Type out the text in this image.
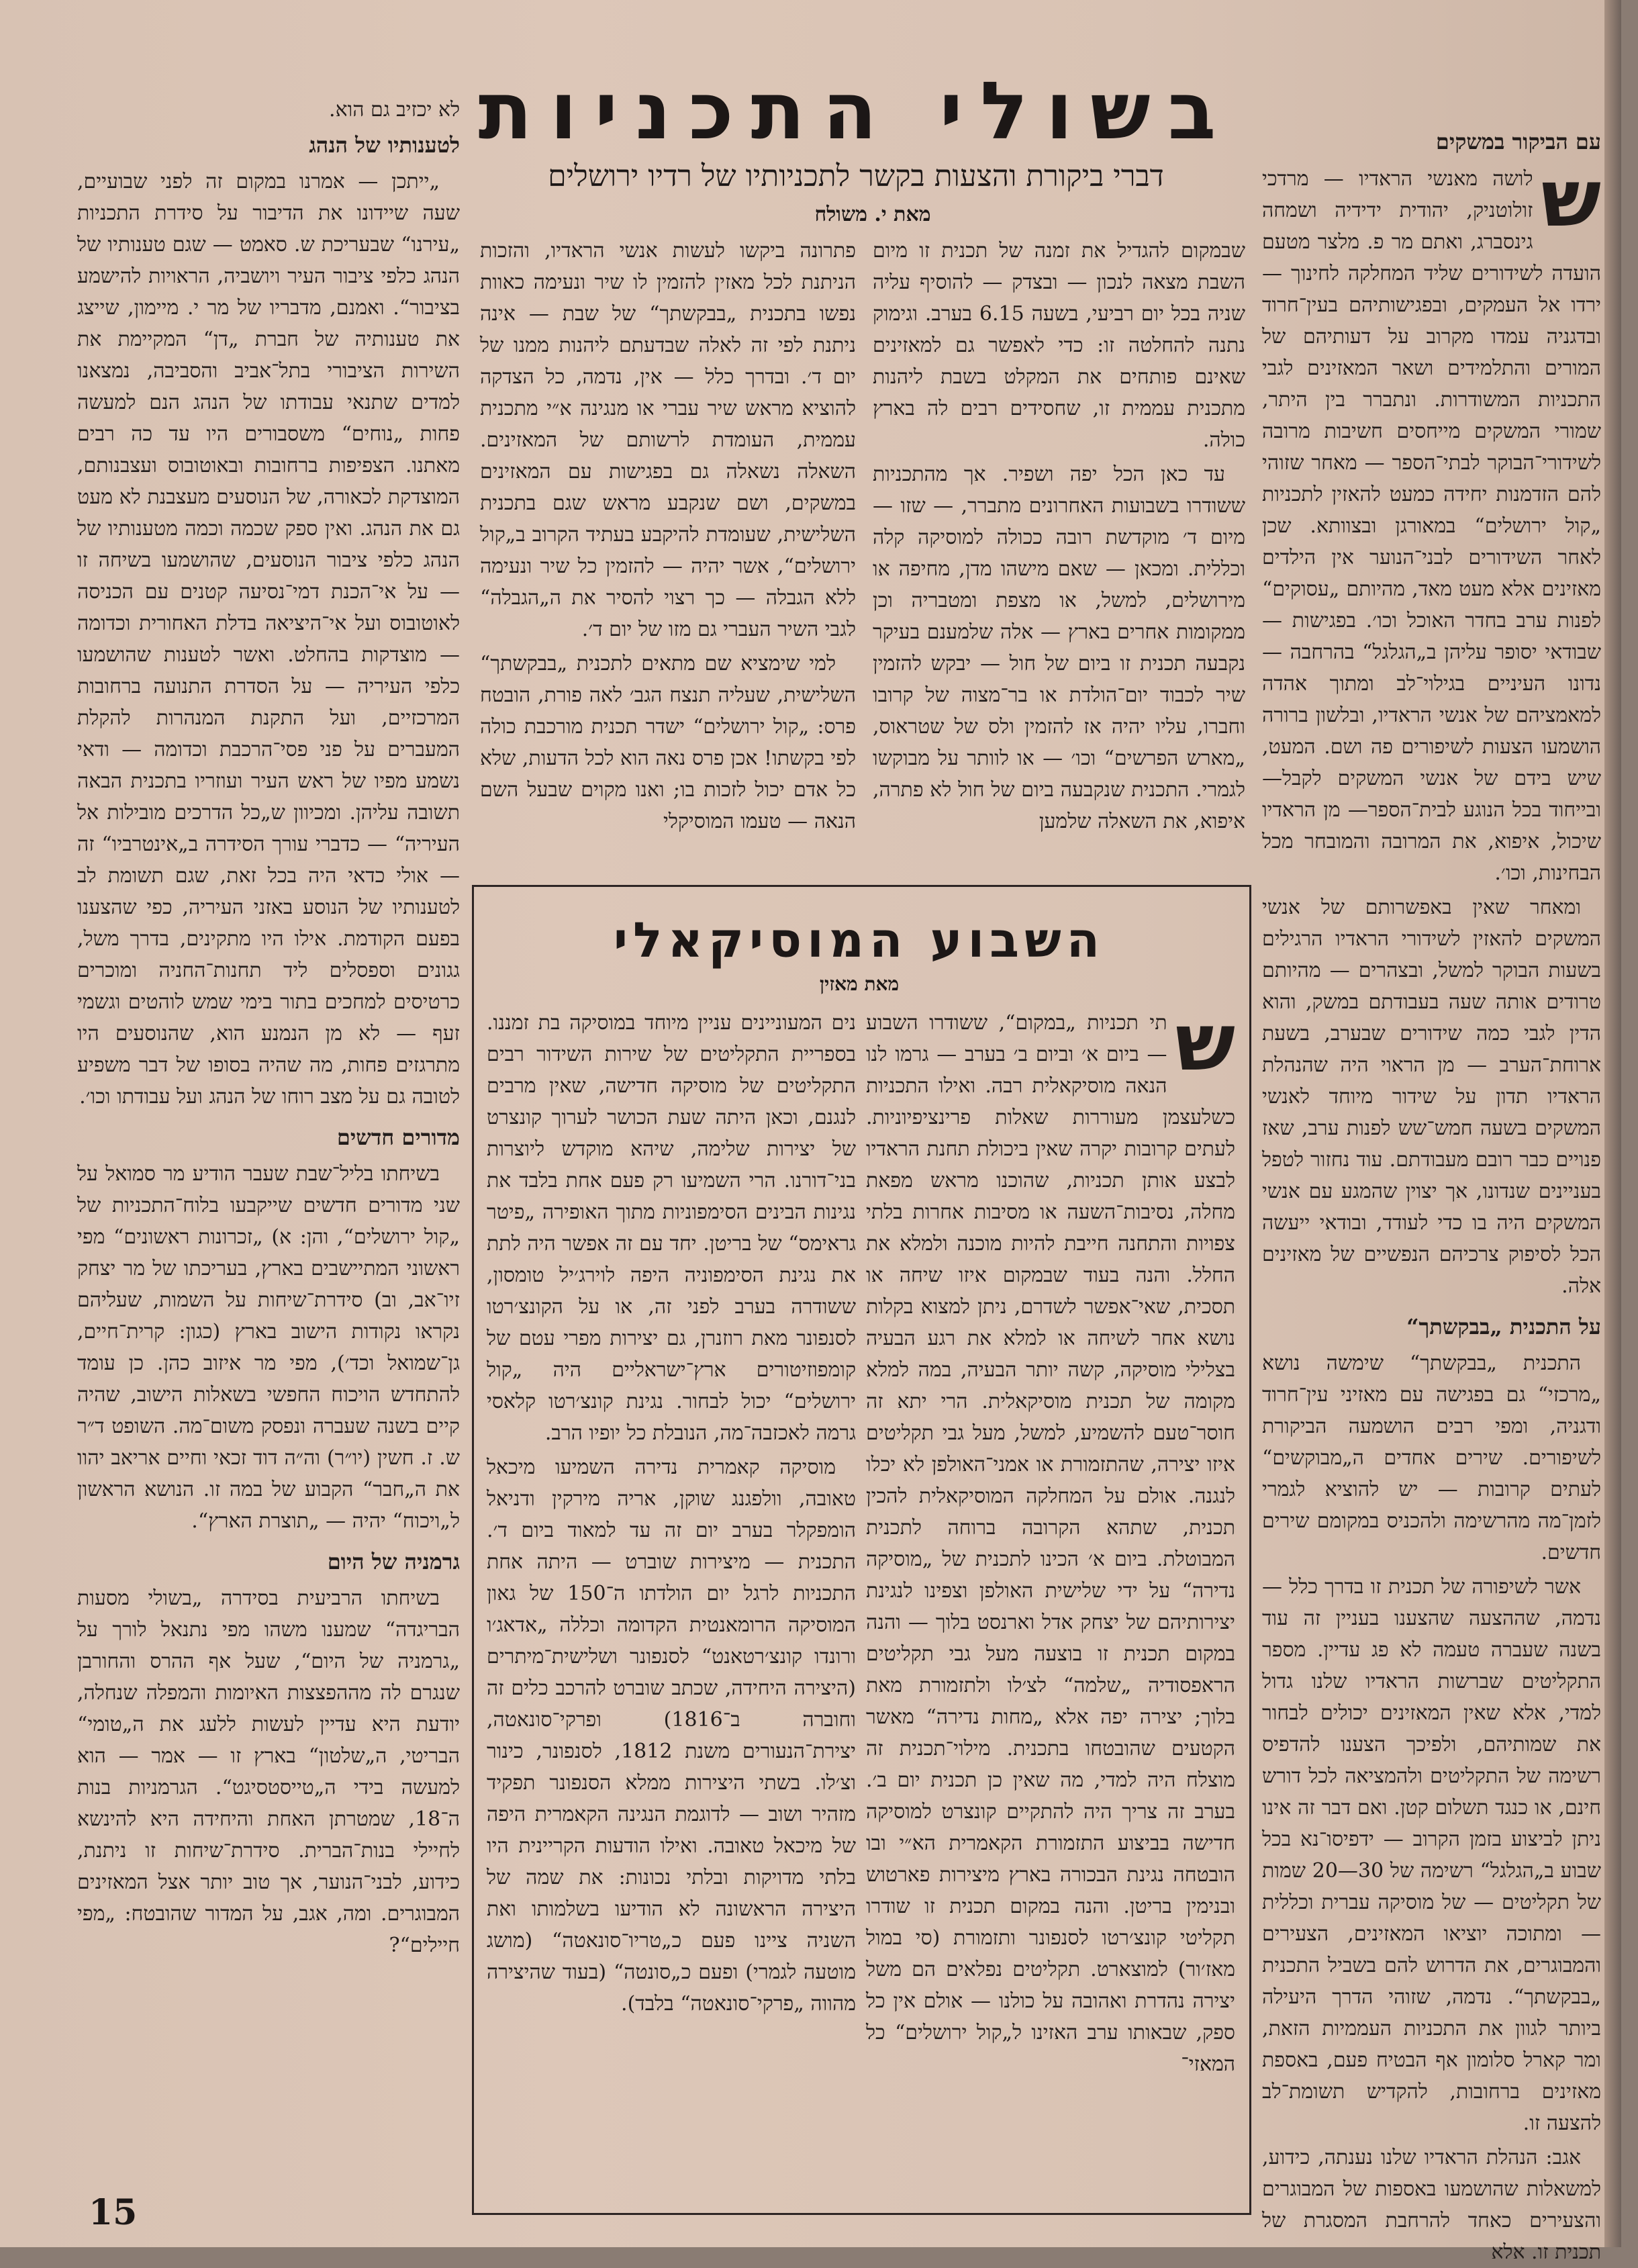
בשולי התכניות
דברי ביקורת והצעות בקשר לתכניותיו של רדיו ירושלים
מאת י. משולח
עם הביקור במשקים
ש

לושה מאנשי הראדיו — מרדכי זולוטניק, יהודית ידידיה ושמחה גינסברג, ואתם מר פ. מלצר מטעם הועדה לשידורים שליד המחלקה לחינוך — ירדו אל העמקים, ובפגישותיהם בעין־חרוד ובדגניה עמדו מקרוב על דעותיהם של המורים והתלמידים ושאר המאזינים לגבי התכניות המשודרות. ונתברר בין היתר, שמורי המשקים מייחסים חשיבות מרובה לשידורי־הבוקר לבתי־הספר — מאחר שזוהי להם הזדמנות יחידה כמעט להאזין לתכניות „קול ירושלים“ במאורגן ובצוותא. שכן לאחר השידורים לבני־הנוער אין הילדים מאזינים אלא מעט מאד, מהיותם „עסוקים“ לפנות ערב בחדר האוכל וכו׳. בפגישות — שבודאי יסופר עליהן ב„הגלגל“ בהרחבה — נדונו העיניים בגילוי־לב ומתוך אהדה למאמציהם של אנשי הראדיו, ובלשון ברורה הושמעו הצעות לשיפורים פה ושם. המעט, שיש בידם של אנשי המשקים לקבל—ובייחוד בכל הנוגע לבית־הספר— מן הראדיו שיכול, איפוא, את המרובה והמובחר מכל הבחינות, וכו׳.

ומאחר שאין באפשרותם של אנשי המשקים להאזין לשידורי הראדיו הרגילים בשעות הבוקר למשל, ובצהרים — מהיותם טרודים אותה שעה בעבודתם במשק, והוא הדין לגבי כמה שידורים שבערב, בשעת ארוחת־הערב — מן הראוי היה שהנהלת הראדיו תדון על שידור מיוחד לאנשי המשקים בשעה חמש־שש לפנות ערב, שאז פנויים כבר רובם מעבודתם. עוד נחזור לטפל בעניינים שנדונו, אך יצוין שהמגע עם אנשי המשקים היה בו כדי לעודד, ובודאי ייעשה הכל לסיפוק צרכיהם הנפשיים של מאזינים אלה.

על התכנית „בבקשתך“

התכנית „בבקשתך“ שימשה נושא „מרכזי“ גם בפגישה עם מאזיני עין־חרוד ודגניה, ומפי רבים הושמעה הביקורת לשיפורים. שירים אחדים ה„מבוקשים“ לעתים קרובות — יש להוציא לגמרי לזמן־מה מהרשימה ולהכניס במקומם שירים חדשים.

אשר לשיפורה של תכנית זו בדרך כלל — נדמה, שההצעה שהצענו בעניין זה עוד בשנה שעברה טעמה לא פג עדיין. מספר התקליטים שברשות הראדיו שלנו גדול למדי, אלא שאין המאזינים יכולים לבחור את שמותיהם, ולפיכך הצענו להדפיס רשימה של התקליטים ולהמציאה לכל דורש חינם, או כנגד תשלום קטן. ואם דבר זה אינו ניתן לביצוע בזמן הקרוב — ידפיסו־נא בכל שבוע ב„הגלגל“ רשימה של 30—20 שמות של תקליטים — של מוסיקה עברית וכללית — ומתוכה יוציאו המאזינים, הצעירים והמבוגרים, את הדרוש להם בשביל התכנית „בבקשתך“. נדמה, שזוהי הדרך היעילה ביותר לגוון את התכניות העממיות הזאת, ומר קארל סלומון אף הבטיח פעם, באספת מאזינים ברחובות, להקדיש תשומת־לב להצעה זו.

אגב: הנהלת הראדיו שלנו נענתה, כידוע, למשאלות שהושמעו באספות של המבוגרים והצעירים כאחד להרחבת המסגרת של תכנית זו. אלא

שבמקום להגדיל את זמנה של תכנית זו מיום השבת מצאה לנכון — ובצדק — להוסיף עליה שניה בכל יום רביעי, בשעה 6.15 בערב. וגימוק נתנה להחלטה זו: כדי לאפשר גם למאזינים שאינם פותחים את המקלט בשבת ליהנות מתכנית עממית זו, שחסידים רבים לה בארץ כולה.

עד כאן הכל יפה ושפיר. אך מהתכניות ששודרו בשבועות האחרונים מתברר, — שזו — מיום ד׳ מוקדשת רובה ככולה למוסיקה קלה וכללית. ומכאן — שאם מישהו מדן, מחיפה או מירושלים, למשל, או מצפת ומטבריה וכן ממקומות אחרים בארץ — אלה שלמענם בעיקר נקבעה תכנית זו ביום של חול — יבקש להזמין שיר לכבוד יום־הולדת או בר־מצוה של קרובו וחברו, עליו יהיה אז להזמין ולס של שטראוס, „מארש הפרשים“ וכו׳ — או לוותר על מבוקשו לגמרי. התכנית שנקבעה ביום של חול לא פתרה, איפוא, את השאלה שלמען

פתרונה ביקשו לעשות אנשי הראדיו, והזכות הניתנת לכל מאזין להזמין לו שיר ונעימה כאוות נפשו בתכנית „בבקשתך“ של שבת — אינה ניתנת לפי זה לאלה שבדעתם ליהנות ממנו של יום ד׳. ובדרך כלל — אין, נדמה, כל הצדקה להוציא מראש שיר עברי או מנגינה א״י מתכנית עממית, העומדת לרשותם של המאזינים. השאלה נשאלה גם בפגישות עם המאזינים במשקים, ושם שנקבע מראש שגם בתכנית השלישית, שעומדת להיקבע בעתיד הקרוב ב„קול ירושלים“, אשר יהיה — להזמין כל שיר ונעימה ללא הגבלה — כך רצוי להסיר את ה„הגבלה“ לגבי השיר העברי גם מזו של יום ד׳.

למי שימציא שם מתאים לתכנית „בבקשתך“ השלישית, שעליה תנצח הגב׳ לאה פורת, הובטח פרס: „קול ירושלים“ ישדר תכנית מורכבת כולה לפי בקשתו! אכן פרס נאה הוא לכל הדעות, שלא כל אדם יכול לזכות בו; ואנו מקוים שבעל השם הנאה — טעמו המוסיקלי

לא יכזיב גם הוא.

לטענותיו של הנהג

„ייתכן — אמרנו במקום זה לפני שבועיים, שעה שיידונו את הדיבור על סידרת התכניות „עירנו“ שבעריכת ש. סאמט — שגם טענותיו של הנהג כלפי ציבור העיר ויושביה, הראויות להישמע בציבור“. ואמנם, מדבריו של מר י. מיימון, שייצג את טענותיה של חברת „דן“ המקיימת את השירות הציבורי בתל־אביב והסביבה, נמצאנו למדים שתנאי עבודתו של הנהג הנם למעשה פחות „נוחים“ משסבורים היו עד כה רבים מאתנו. הצפיפות ברחובות ובאוטובוס ועצבנותם, המוצדקת לכאורה, של הנוסעים מעצבנת לא מעט גם את הנהג. ואין ספק שכמה וכמה מטענותיו של הנהג כלפי ציבור הנוסעים, שהושמעו בשיחה זו — על אי־הכנת דמי־נסיעה קטנים עם הכניסה לאוטובוס ועל אי־היציאה בדלת האחורית וכדומה — מוצדקות בהחלט. ואשר לטענות שהושמעו כלפי העיריה — על הסדרת התנועה ברחובות המרכזיים, ועל התקנת המנהרות להקלת המעברים על פני פסי־הרכבת וכדומה — ודאי נשמע מפיו של ראש העיר ועוזריו בתכנית הבאה תשובה עליהן. ומכיוון ש„כל הדרכים מובילות אל העיריה“ — כדברי עורך הסידרה ב„אינטרביו“ זה — אולי כדאי היה בכל זאת, שגם תשומת לב לטענותיו של הנוסע באזני העיריה, כפי שהצענו בפעם הקודמת. אילו היו מתקינים, בדרך משל, גגונים וספסלים ליד תחנות־החניה ומוכרים כרטיסים למחכים בתור בימי שמש לוהטים וגשמי זעף — לא מן הנמנע הוא, שהנוסעים היו מתרגזים פחות, מה שהיה בסופו של דבר משפיע לטובה גם על מצב רוחו של הנהג ועל עבודתו וכו׳.

מדורים חדשים

בשיחתו בליל־שבת שעבר הודיע מר סמואל על שני מדורים חדשים שייקבעו בלוח־התכניות של „קול ירושלים“, והן: א) „זכרונות ראשונים“ מפי ראשוני המתיישבים בארץ, בעריכתו של מר יצחק זיו־אב, וב) סידרת־שיחות על השמות, שעליהם נקראו נקודות הישוב בארץ (כגון: קרית־חיים, גן־שמואל וכד׳), מפי מר איזוב כהן. כן עומד להתחדש הויכוח החפשי בשאלות הישוב, שהיה קיים בשנה שעברה ונפסק משום־מה. השופט ד״ר ש. ז. חשין (יו״ר) וה״ה דוד זכאי וחיים אריאב יהוו את ה„חבר“ הקבוע של במה זו. הנושא הראשון ל„ויכוח“ יהיה — „תוצרת הארץ“.

גרמניה של היום

בשיחתו הרביעית בסידרה „בשולי מסעות הבריגדה“ שמענו משהו מפי נתנאל לורך על „גרמניה של היום“, שעל אף ההרס והחורבן שנגרם לה מההפצצות האיומות והמפלה שנחלה, יודעת היא עדיין לעשות ללעג את ה„טומי“ הבריטי, ה„שלטון“ בארץ זו — אמר — הוא למעשה בידי ה„טייסטסיגט“. הגרמניות בנות ה־18, שמטרתן האחת והיחידה היא להינשא לחיילי בנות־הברית. סידרת־שיחות זו ניתנת, כידוע, לבני־הנוער, אך טוב יותר אצל המאזינים המבוגרים. ומה, אגב, על המדור שהובטח: „מפי חיילים“?

השבוע המוסיקאלי
מאת מאזין
ש

תי תכניות „במקום“, ששודרו השבוע — ביום א׳ וביום ב׳ בערב — גרמו לנו הנאה מוסיקאלית רבה. ואילו התכניות כשלעצמן מעוררות שאלות פרינציפיוניות. לעתים קרובות יקרה שאין ביכולת תחנת הראדיו לבצע אותן תכניות, שהוכנו מראש מפאת מחלה, נסיבות־השעה או מסיבות אחרות בלתי צפויות והתחנה חייבת להיות מוכנה ולמלא את החלל. והנה בעוד שבמקום איזו שיחה או תסכית, שאי־אפשר לשדרם, ניתן למצוא בקלות נושא אחר לשיחה או למלא את רגע הבעיה בצלילי מוסיקה, קשה יותר הבעיה, במה למלא מקומה של תכנית מוסיקאלית. הרי יתא זה חוסר־טעם להשמיע, למשל, מעל גבי תקליטים איזו יצירה, שהתזמורת או אמני־האולפן לא יכלו לנגנה. אולם על המחלקה המוסיקאלית להכין תכנית, שתהא הקרובה ברוחה לתכנית המבוטלת. ביום א׳ הכינו לתכנית של „מוסיקה נדירה“ על ידי שלישית האולפן וצפינו לנגינת יצירותיהם של יצחק אדל וארנסט בלוך — והנה במקום תכנית זו בוצעה מעל גבי תקליטים הראפסודיה „שלמה“ לצ׳לו ולתזמורת מאת בלוך; יצירה יפה אלא „מחות נדירה“ מאשר הקטעים שהובטחו בתכנית. מילוי־תכנית זה מוצלח היה למדי, מה שאין כן תכנית יום ב׳. בערב זה צריך היה להתקיים קונצרט למוסיקה חדישה בביצוע התזמורת הקאמרית הא״י ובו הובטחה נגינת הבכורה בארץ מיצירות פארטוש ובנימין בריטן. והנה במקום תכנית זו שודרו תקליטי קונצ׳רטו לסנפונר ותזמורת (סי במול מאז׳ור) למוצארט. תקליטים נפלאים הם משל יצירה נהדרת ואהובה על כולנו — אולם אין כל ספק, שבאותו ערב האזינו ל„קול ירושלים“ כל המאזי־

נים המעוניינים עניין מיוחד במוסיקה בת זמננו. בספריית התקליטים של שירות השידור רבים התקליטים של מוסיקה חדישה, שאין מרבים לנגנם, וכאן היתה שעת הכושר לערוך קונצרט של יצירות שלימה, שיהא מוקדש ליוצרות בני־דורנו. הרי השמיעו רק פעם אחת בלבד את נגינות הבינים הסימפוניות מתוך האופירה „פיטר גראימס“ של בריטן. יחד עם זה אפשר היה לתת את נגינת הסימפוניה היפה לוירג׳יל טומסון, ששודרה בערב לפני זה, או על הקונצ׳רטו לסנפונר מאת רוזנרן, גם יצירות מפרי עטם של קומפוזיטורים ארץ־ישראליים היה „קול ירושלים“ יכול לבחור. נגינת קונצ׳רטו קלאסי גרמה לאכזבה־מה, הנובלת כל יופיו הרב.

מוסיקה קאמרית נדירה השמיעו מיכאל טאובה, וולפגנג שוקן, אריה מירקין ודניאל הומפקלר בערב יום זה עד למאוד ביום ד׳. התכנית — מיצירות שוברט — היתה אחת התכניות לרגל יום הולדתו ה־150 של גאון המוסיקה הרומאנטית הקדומה וכללה „אדאג׳ו ורונדו קונצ׳רטאנט“ לסנפונר ושלישית־מיתרים (היצירה היחידה, שכתב שוברט להרכב כלים זה וחוברה ב־1816) ופרקי־סונאטה, יצירת־הנעורים משנת 1812, לסנפונר, כינור וצ׳לו. בשתי היצירות ממלא הסנפונר תפקיד מזהיר ושוב — לדוגמת הנגינה הקאמרית היפה של מיכאל טאובה. ואילו הודעות הקריינית היו בלתי מדויקות ובלתי נכונות: את שמה של היצירה הראשונה לא הודיעו בשלמותו ואת השניה ציינו פעם כ„טריו־סונאטה“ (מושג מוטעה לגמרי) ופעם כ„סונטה“ (בעוד שהיצירה מהווה „פרקי־סונאטה“ בלבד).

15
